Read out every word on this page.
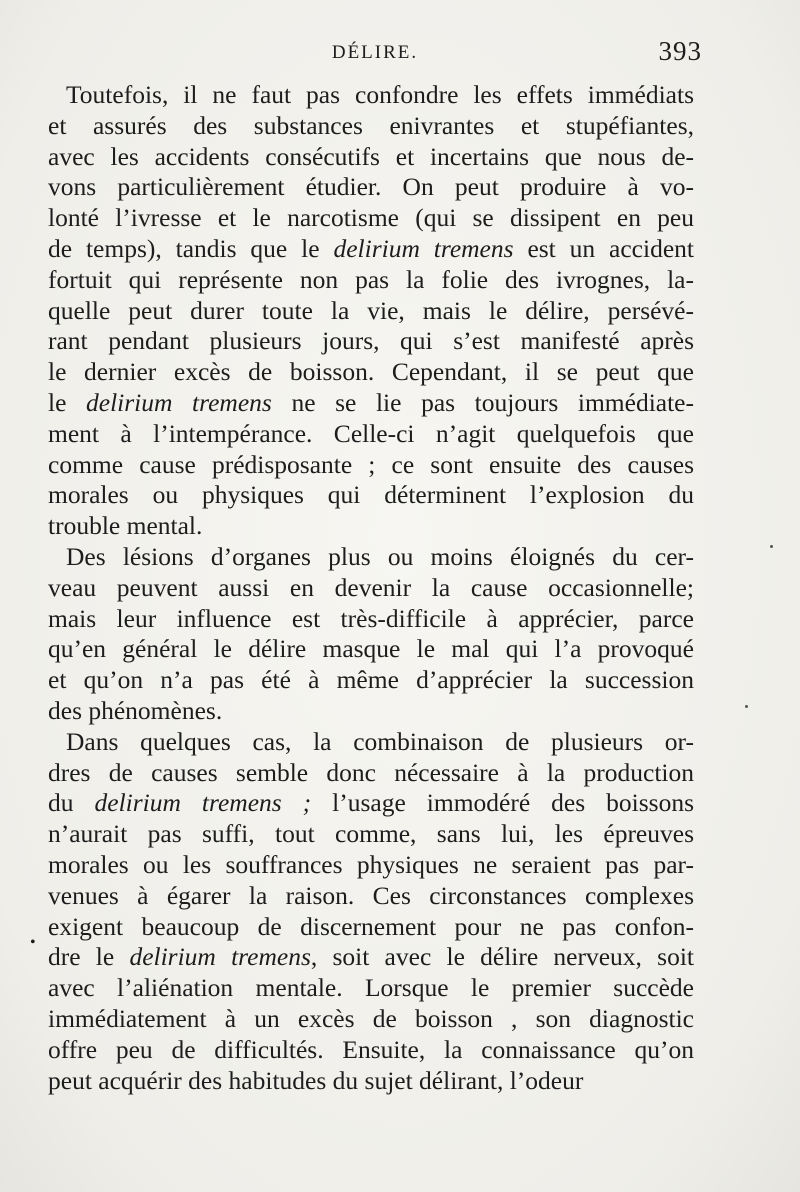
DÉLIRE.	393
Toutefois, il ne faut pas confondre les effets immédiats
et assurés des substances enivrantes et stupéfiantes,
avec les accidents consécutifs et incertains que nous de-
vons particulièrement étudier. On peut produire à vo-
lonté l’ivresse et le narcotisme (qui se dissipent en peu
de temps), tandis que le delirium tremens est un accident
fortuit qui représente non pas la folie des ivrognes, la-
quelle peut durer toute la vie, mais le délire, persévé-
rant pendant plusieurs jours, qui s’est manifesté après
le dernier excès de boisson. Cependant, il se peut que
le delirium tremens ne se lie pas toujours immédiate-
ment à l’intempérance. Celle-ci n’agit quelquefois que
comme cause prédisposante ; ce sont ensuite des causes
morales ou physiques qui déterminent l’explosion du
trouble mental.
Des lésions d’organes plus ou moins éloignés du cer-
veau peuvent aussi en devenir la cause occasionnelle;
mais leur influence est très-difficile à apprécier, parce
qu’en général le délire masque le mal qui l’a provoqué
et qu’on n’a pas été à même d’apprécier la succession
des phénomènes.
Dans quelques cas, la combinaison de plusieurs or-
dres de causes semble donc nécessaire à la production
du delirium tremens ; l’usage immodéré des boissons
n’aurait pas suffi, tout comme, sans lui, les épreuves
morales ou les souffrances physiques ne seraient pas par-
venues à égarer la raison. Ces circonstances complexes
exigent beaucoup de discernement pour ne pas confon-
dre le delirium tremens, soit avec le délire nerveux, soit
avec l’aliénation mentale. Lorsque le premier succède
immédiatement à un excès de boisson , son diagnostic
offre peu de difficultés. Ensuite, la connaissance qu’on
peut acquérir des habitudes du sujet délirant, l’odeur
•
